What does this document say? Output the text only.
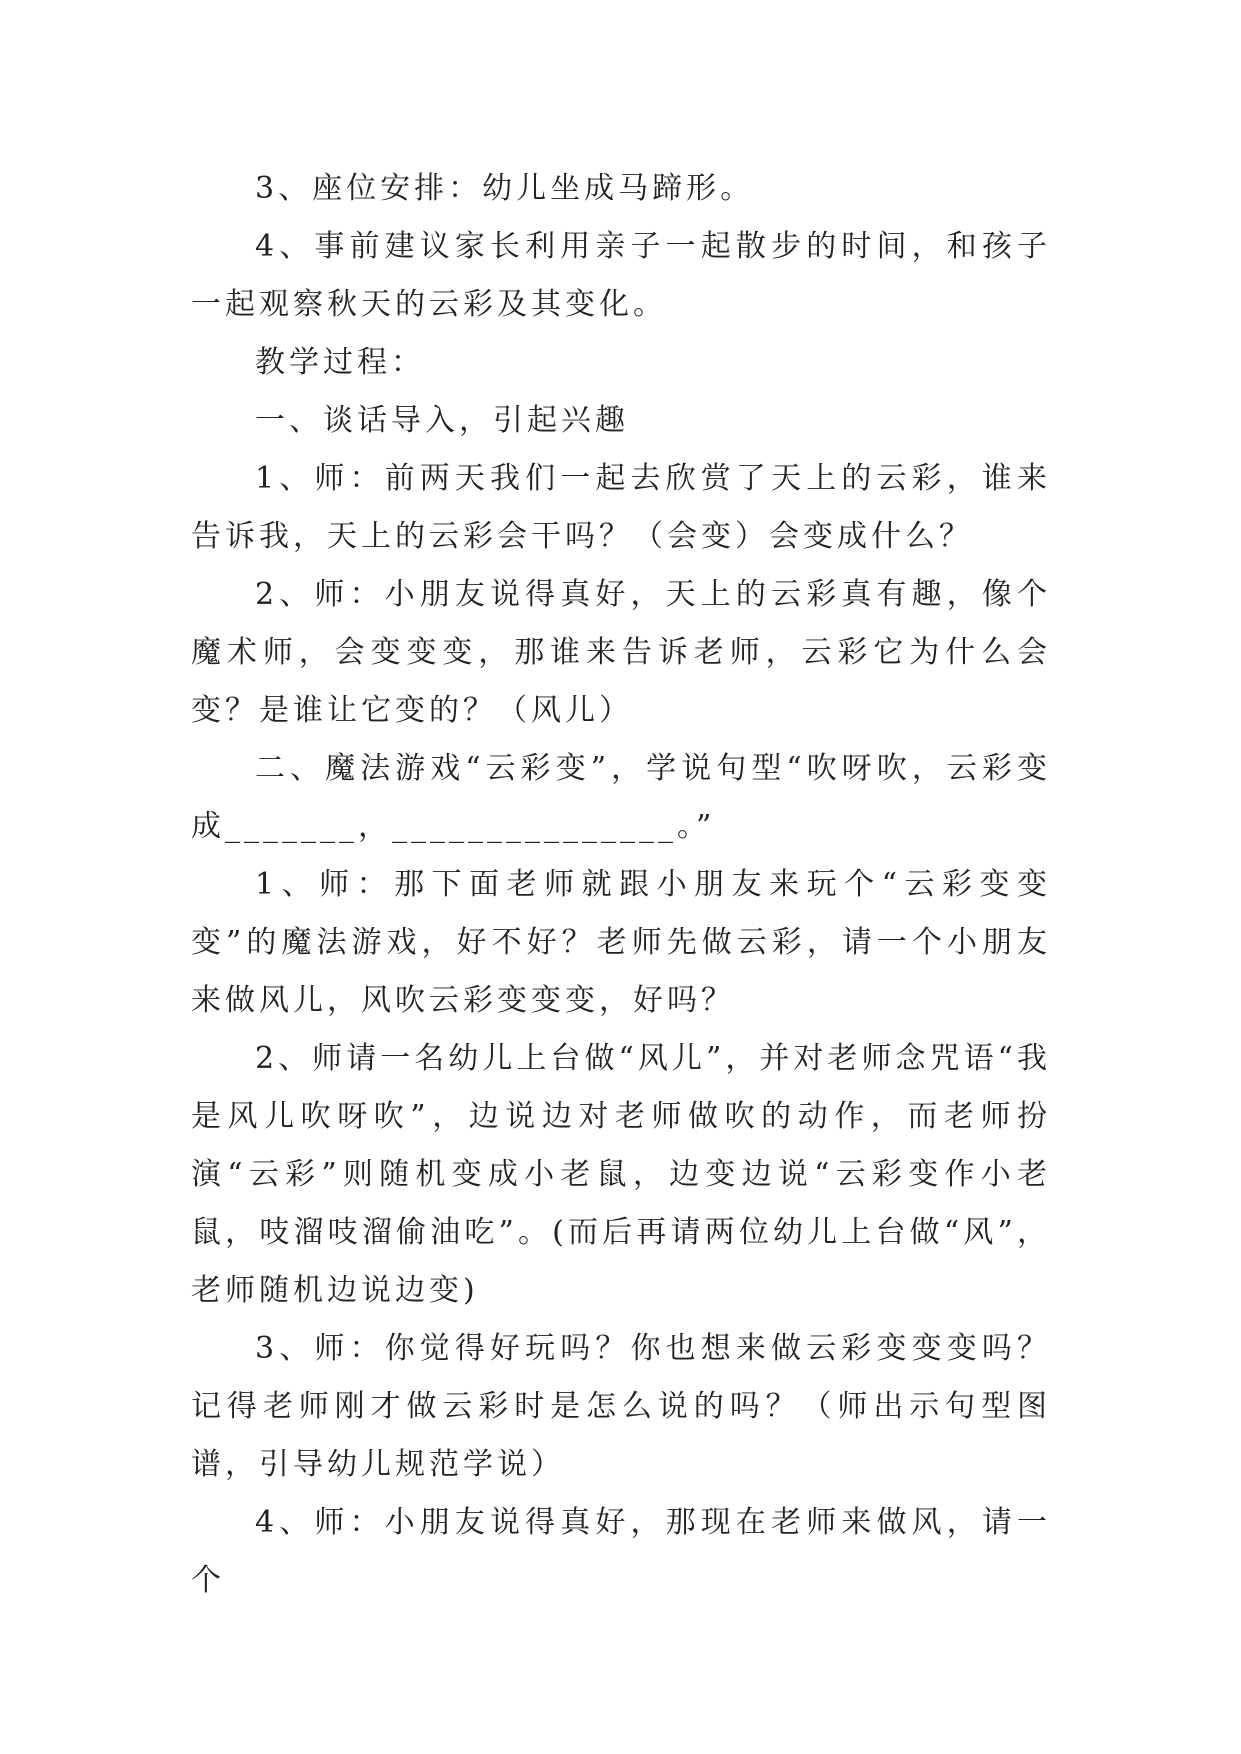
3、座位安排：幼儿坐成马蹄形。

4、事前建议家长利用亲子一起散步的时间，和孩子一起观察秋天的云彩及其变化。

教学过程：

一、谈话导入，引起兴趣

1、师：前两天我们一起去欣赏了天上的云彩，谁来告诉我，天上的云彩会干吗？（会变）会变成什么？

2、师：小朋友说得真好，天上的云彩真有趣，像个魔术师，会变变变，那谁来告诉老师，云彩它为什么会变？是谁让它变的？（风儿）

二、魔法游戏“云彩变”，学说句型“吹呀吹，云彩变成_______，_______________。”

1、师：那下面老师就跟小朋友来玩个“云彩变变变”的魔法游戏，好不好？老师先做云彩，请一个小朋友来做风儿，风吹云彩变变变，好吗？

2、师请一名幼儿上台做“风儿”，并对老师念咒语“我是风儿吹呀吹”，边说边对老师做吹的动作，而老师扮演“云彩”则随机变成小老鼠，边变边说“云彩变作小老鼠，吱溜吱溜偷油吃”。(而后再请两位幼儿上台做“风”，老师随机边说边变)

3、师：你觉得好玩吗？你也想来做云彩变变变吗？记得老师刚才做云彩时是怎么说的吗？（师出示句型图谱，引导幼儿规范学说）

4、师：小朋友说得真好，那现在老师来做风，请一个
